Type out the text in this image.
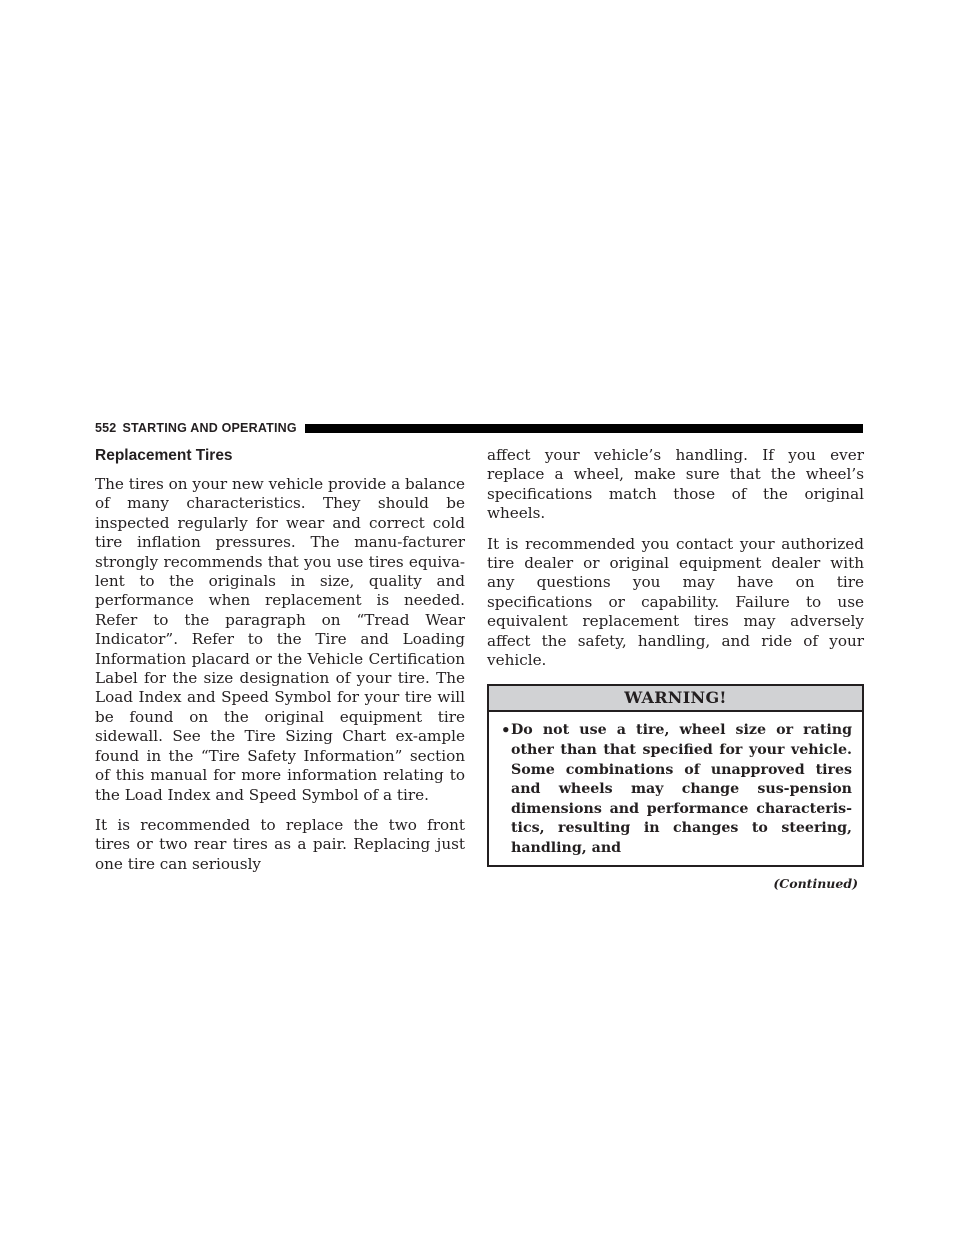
552 STARTING AND OPERATING
Replacement Tires

The tires on your new vehicle provide a balance of many characteristics. They should be inspected regularly for wear and correct cold tire inflation pressures. The manu-facturer strongly recommends that you use tires equiva-lent to the originals in size, quality and performance when replacement is needed. Refer to the paragraph on “Tread Wear Indicator”. Refer to the Tire and Loading Information placard or the Vehicle Certification Label for the size designation of your tire. The Load Index and Speed Symbol for your tire will be found on the original equipment tire sidewall. See the Tire Sizing Chart ex-ample found in the “Tire Safety Information” section of this manual for more information relating to the Load Index and Speed Symbol of a tire.

It is recommended to replace the two front tires or two rear tires as a pair. Replacing just one tire can seriously

affect your vehicle’s handling. If you ever replace a wheel, make sure that the wheel’s specifications match those of the original wheels.

It is recommended you contact your authorized tire dealer or original equipment dealer with any questions you may have on tire specifications or capability. Failure to use equivalent replacement tires may adversely affect the safety, handling, and ride of your vehicle.

WARNING!
• Do not use a tire, wheel size or rating other than that specified for your vehicle. Some combinations of unapproved tires and wheels may change sus-pension dimensions and performance characteris-tics, resulting in changes to steering, handling, and
(Continued)
